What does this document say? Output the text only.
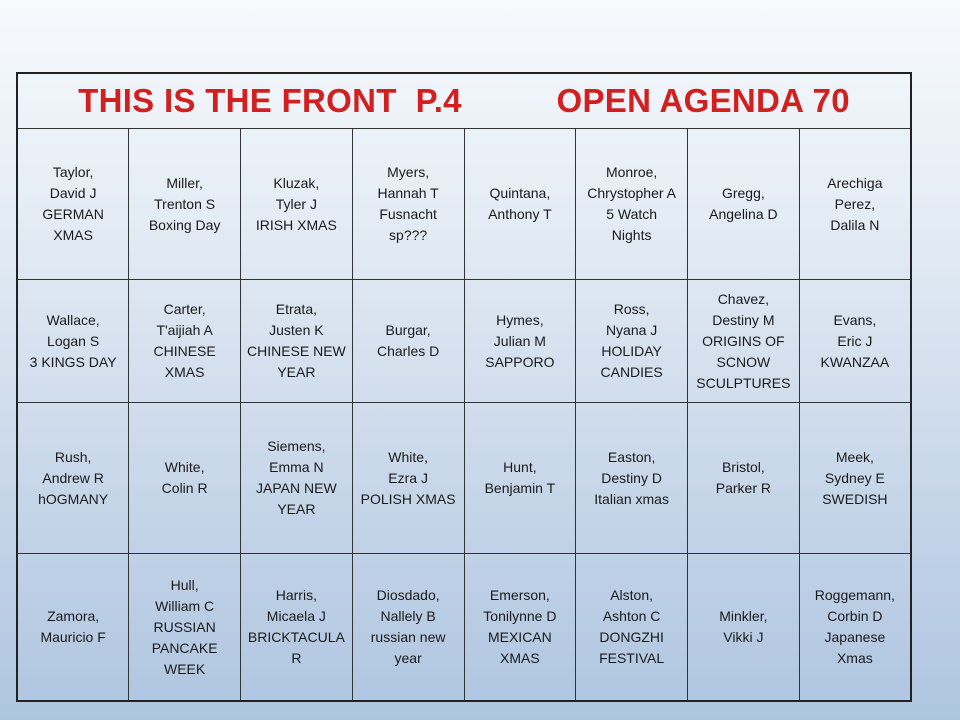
THIS IS THE FRONT  P.4          OPEN AGENDA 70							

Taylor,
David J
GERMAN
XMAS	Miller,
Trenton S
Boxing Day	Kluzak,
Tyler J
IRISH XMAS	Myers,
Hannah T
Fusnacht
sp???	Quintana,
Anthony T	Monroe,
Chrystopher A
5 Watch
Nights	Gregg,
Angelina D	Arechiga
Perez,
Dalila N

Wallace,
Logan S
3 KINGS DAY	Carter,
T'aijiah A
CHINESE
XMAS	Etrata,
Justen K
CHINESE NEW
YEAR	Burgar,
Charles D	Hymes,
Julian M
SAPPORO	Ross,
Nyana J
HOLIDAY
CANDIES	Chavez,
Destiny M
ORIGINS OF
SCNOW
SCULPTURES	Evans,
Eric J
KWANZAA

Rush,
Andrew R
hOGMANY	White,
Colin R	Siemens,
Emma N
JAPAN NEW
YEAR	White,
Ezra J
POLISH XMAS	Hunt,
Benjamin T	Easton,
Destiny D
Italian xmas	Bristol,
Parker R	Meek,
Sydney E
SWEDISH

Zamora,
Mauricio F	Hull,
William C
RUSSIAN
PANCAKE
WEEK	Harris,
Micaela J
BRICKTACULA
R	Diosdado,
Nallely B
russian new
year	Emerson,
Tonilynne D
MEXICAN
XMAS	Alston,
Ashton C
DONGZHI
FESTIVAL	Minkler,
Vikki J	Roggemann,
Corbin D
Japanese
Xmas
